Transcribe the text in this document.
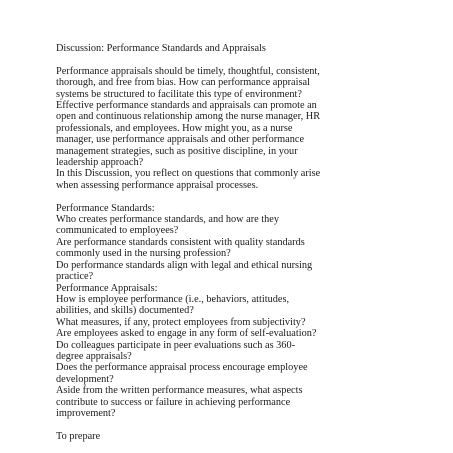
Discussion: Performance Standards and Appraisals
Performance appraisals should be timely, thoughtful, consistent,
thorough, and free from bias. How can performance appraisal
systems be structured to facilitate this type of environment?
Effective performance standards and appraisals can promote an
open and continuous relationship among the nurse manager, HR
professionals, and employees. How might you, as a nurse
manager, use performance appraisals and other performance
management strategies, such as positive discipline, in your
leadership approach?
In this Discussion, you reflect on questions that commonly arise
when assessing performance appraisal processes.
Performance Standards:
Who creates performance standards, and how are they
communicated to employees?
Are performance standards consistent with quality standards
commonly used in the nursing profession?
Do performance standards align with legal and ethical nursing
practice?
Performance Appraisals:
How is employee performance (i.e., behaviors, attitudes,
abilities, and skills) documented?
What measures, if any, protect employees from subjectivity?
Are employees asked to engage in any form of self-evaluation?
Do colleagues participate in peer evaluations such as 360-
degree appraisals?
Does the performance appraisal process encourage employee
development?
Aside from the written performance measures, what aspects
contribute to success or failure in achieving performance
improvement?
To prepare
